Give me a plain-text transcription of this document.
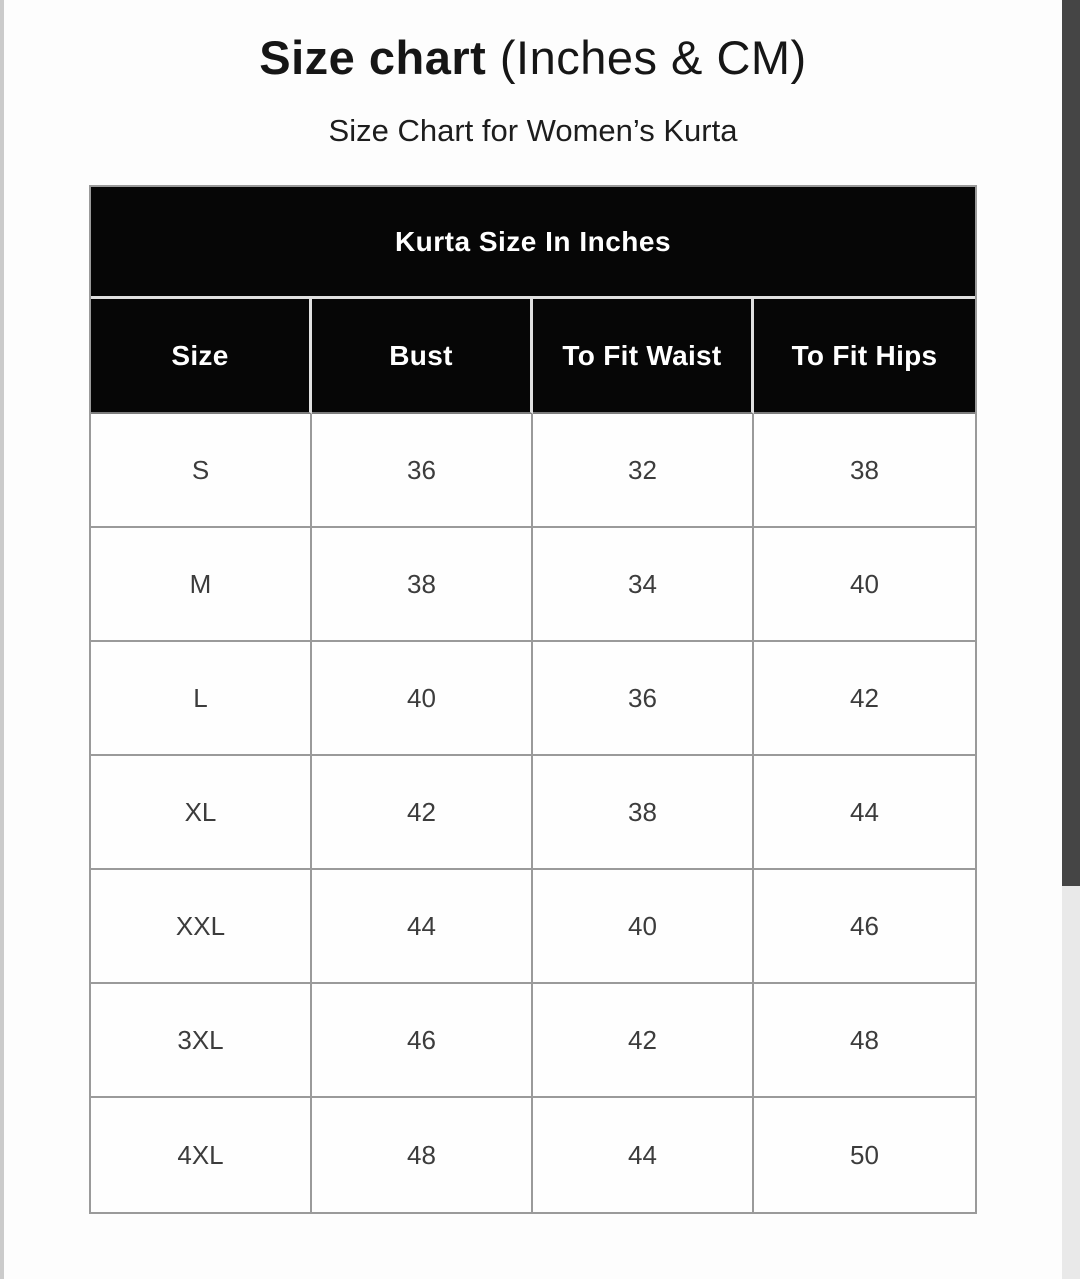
Size chart (Inches & CM)
Size Chart for Women’s Kurta
Kurta Size In Inches			
Size	Bust	To Fit Waist	To Fit Hips
S	36	32	38
M	38	34	40
L	40	36	42
XL	42	38	44
XXL	44	40	46
3XL	46	42	48
4XL	48	44	50
